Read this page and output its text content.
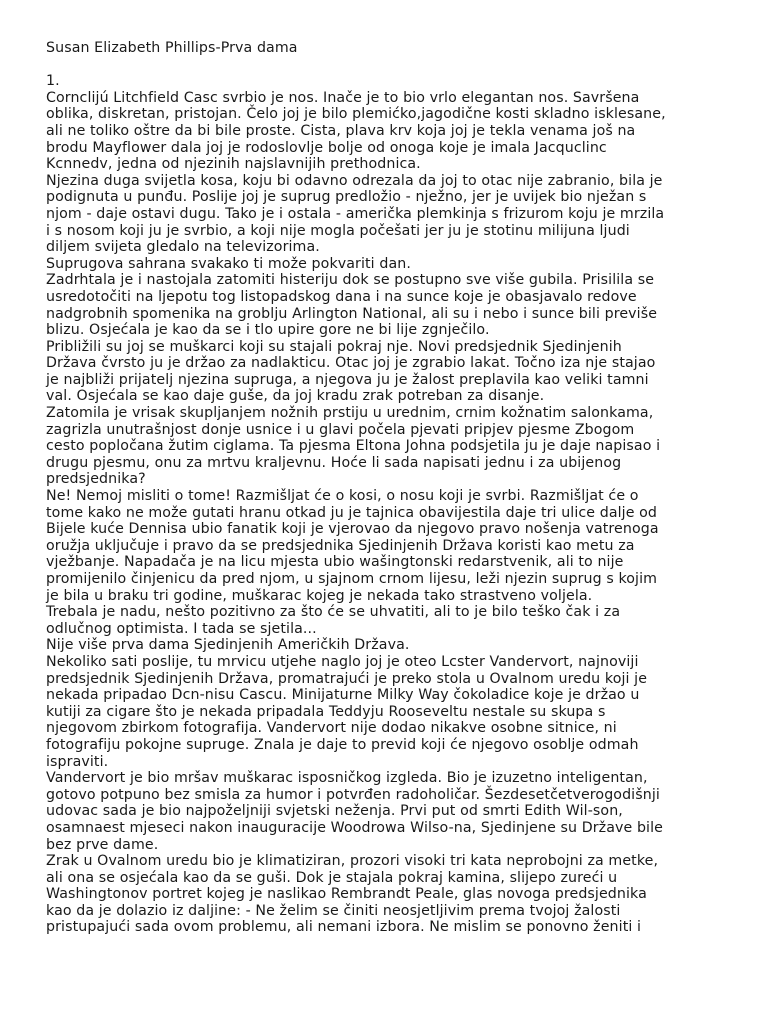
Susan Elizabeth Phillips-Prva dama

1.

Cornclijú Litchfield Casc svrbio je nos. Inače je to bio vrlo elegantan nos. Savršena
oblika, diskretan, pristojan. Čelo joj je bilo plemićko,jagodične kosti skladno isklesane,
ali ne toliko oštre da bi bile proste. Cista, plava krv koja joj je tekla venama još na
brodu Mayflower dala joj je rodoslovlje bolje od onoga koje je imala Jacquclinc
Kcnnedv, jedna od njezinih najslavnijih prethodnica.

Njezina duga svijetla kosa, koju bi odavno odrezala da joj to otac nije zabranio, bila je
podignuta u punđu. Poslije joj je suprug predložio - nježno, jer je uvijek bio nježan s
njom - daje ostavi dugu. Tako je i ostala - američka plemkinja s frizurom koju je mrzila
i s nosom koji ju je svrbio, a koji nije mogla počešati jer ju je stotinu milijuna ljudi
diljem svijeta gledalo na televizorima.

Suprugova sahrana svakako ti može pokvariti dan.

Zadrhtala je i nastojala zatomiti histeriju dok se postupno sve više gubila. Prisilila se
usredotočiti na ljepotu tog listopadskog dana i na sunce koje je obasjavalo redove
nadgrobnih spomenika na groblju Arlington National, ali su i nebo i sunce bili previše
blizu. Osjećala je kao da se i tlo upire gore ne bi lije zgnječilo.

Približili su joj se muškarci koji su stajali pokraj nje. Novi predsjednik Sjedinjenih
Država čvrsto ju je držao za nadlakticu. Otac joj je zgrabio lakat. Točno iza nje stajao
je najbliži prijatelj njezina supruga, a njegova ju je žalost preplavila kao veliki tamni
val. Osjećala se kao daje guše, da joj kradu zrak potreban za disanje.

Zatomila je vrisak skupljanjem nožnih prstiju u urednim, crnim kožnatim salonkama,
zagrizla unutrašnjost donje usnice i u glavi počela pjevati pripjev pjesme Zbogom
cesto popločana žutim ciglama. Ta pjesma Eltona Johna podsjetila ju je daje napisao i
drugu pjesmu, onu za mrtvu kraljevnu. Hoće li sada napisati jednu i za ubijenog
predsjednika?

Ne! Nemoj misliti o tome! Razmišljat će o kosi, o nosu koji je svrbi. Razmišljat će o
tome kako ne može gutati hranu otkad ju je tajnica obavijestila daje tri ulice dalje od
Bijele kuće Dennisa ubio fanatik koji je vjerovao da njegovo pravo nošenja vatrenoga
oružja uključuje i pravo da se predsjednika Sjedinjenih Država koristi kao metu za
vježbanje. Napadača je na licu mjesta ubio wašingtonski redarstvenik, ali to nije
promijenilo činjenicu da pred njom, u sjajnom crnom lijesu, leži njezin suprug s kojim
je bila u braku tri godine, muškarac kojeg je nekada tako strastveno voljela.

Trebala je nadu, nešto pozitivno za što će se uhvatiti, ali to je bilo teško čak i za
odlučnog optimista. I tada se sjetila...

Nije više prva dama Sjedinjenih Američkih Država.

Nekoliko sati poslije, tu mrvicu utjehe naglo joj je oteo Lcster Vandervort, najnoviji
predsjednik Sjedinjenih Država, promatrajući je preko stola u Ovalnom uredu koji je
nekada pripadao Dcn-nisu Cascu. Minijaturne Milky Way čokoladice koje je držao u
kutiji za cigare što je nekada pripadala Teddyju Rooseveltu nestale su skupa s
njegovom zbirkom fotografija. Vandervort nije dodao nikakve osobne sitnice, ni
fotografiju pokojne supruge. Znala je daje to previd koji će njegovo osoblje odmah
ispraviti.

Vandervort je bio mršav muškarac isposničkog izgleda. Bio je izuzetno inteligentan,
gotovo potpuno bez smisla za humor i potvrđen radoholičar. Šezdesetčetverogodišnji
udovac sada je bio najpoželjniji svjetski neženja. Prvi put od smrti Edith Wil-son,
osamnaest mjeseci nakon inauguracije Woodrowa Wilso-na, Sjedinjene su Države bile
bez prve dame.

Zrak u Ovalnom uredu bio je klimatiziran, prozori visoki tri kata neprobojni za metke,
ali ona se osjećala kao da se guši. Dok je stajala pokraj kamina, slijepo zureći u
Washingtonov portret kojeg je naslikao Rembrandt Peale, glas novoga predsjednika
kao da je dolazio iz daljine: - Ne želim se činiti neosjetljivim prema tvojoj žalosti
pristupajući sada ovom problemu, ali nemani izbora. Ne mislim se ponovno ženiti i
